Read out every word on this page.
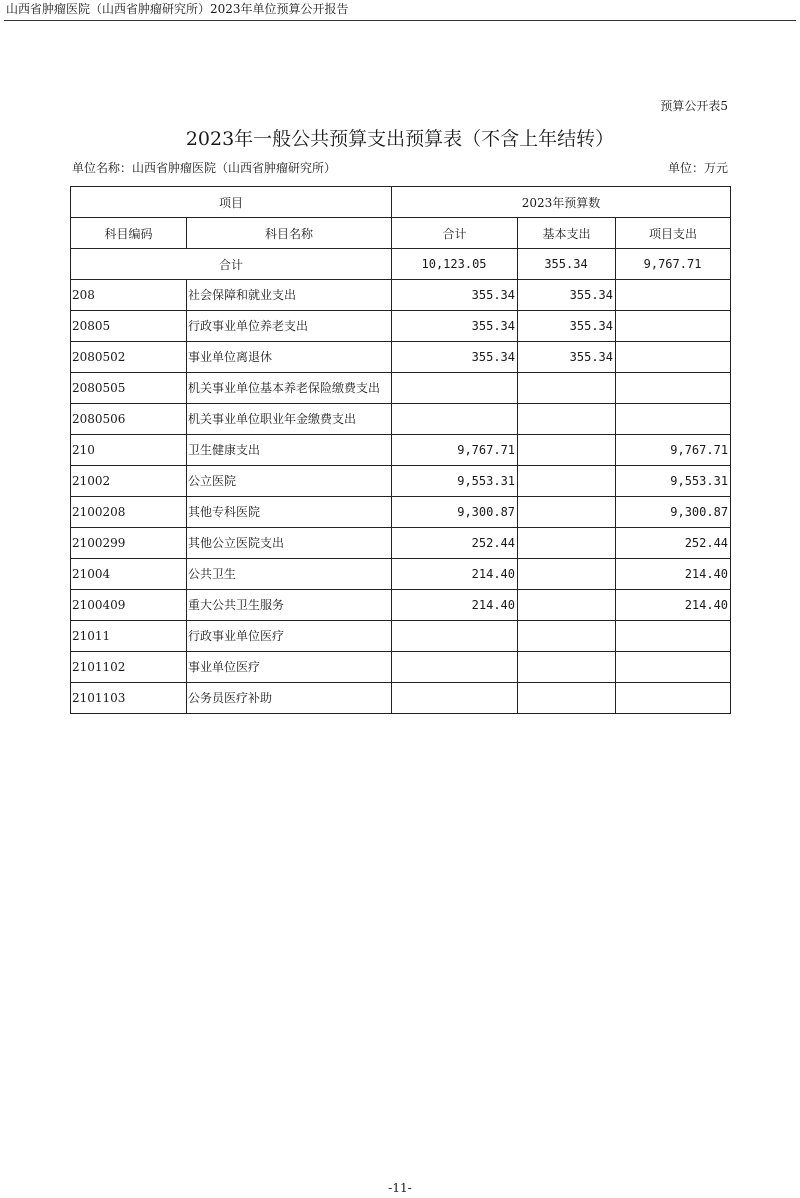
山西省肿瘤医院（山西省肿瘤研究所）2023年单位预算公开报告
预算公开表5
2023年一般公共预算支出预算表（不含上年结转）
单位名称：山西省肿瘤医院（山西省肿瘤研究所）	单位：万元
项目		2023年预算数		
科目编码	科目名称	合计	基本支出	项目支出
合计		10,123.05	355.34	9,767.71
208	社会保障和就业支出	355.34	355.34	
20805	行政事业单位养老支出	355.34	355.34	
2080502	事业单位离退休	355.34	355.34	
2080505	机关事业单位基本养老保险缴费支出			
2080506	机关事业单位职业年金缴费支出			
210	卫生健康支出	9,767.71		9,767.71
21002	公立医院	9,553.31		9,553.31
2100208	其他专科医院	9,300.87		9,300.87
2100299	其他公立医院支出	252.44		252.44
21004	公共卫生	214.40		214.40
2100409	重大公共卫生服务	214.40		214.40
21011	行政事业单位医疗			
2101102	事业单位医疗			
2101103	公务员医疗补助			
-11-
